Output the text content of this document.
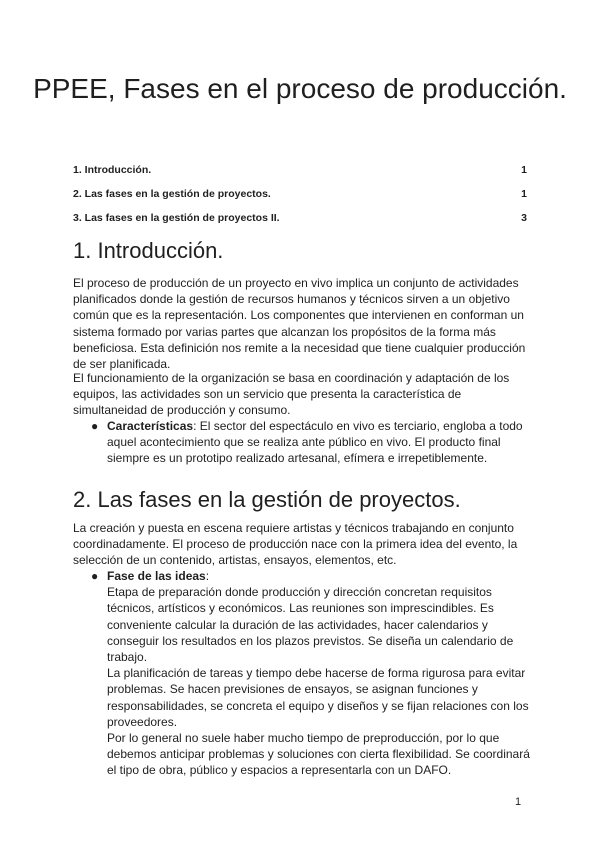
PPEE, Fases en el proceso de producción.
1. Introducción.	1
2. Las fases en la gestión de proyectos.	1
3. Las fases en la gestión de proyectos II.	3
1. Introducción.

El proceso de producción de un proyecto en vivo implica un conjunto de actividades planificados donde la gestión de recursos humanos y técnicos sirven a un objetivo común que es la representación. Los componentes que intervienen en conforman un sistema formado por varias partes que alcanzan los propósitos de la forma más beneficiosa. Esta definición nos remite a la necesidad que tiene cualquier producción de ser planificada.

El funcionamiento de la organización se basa en coordinación y adaptación de los equipos, las actividades son un servicio que presenta la característica de simultaneidad de producción y consumo.

● Características: El sector del espectáculo en vivo es terciario, engloba a todo aquel acontecimiento que se realiza ante público en vivo. El producto final siempre es un prototipo realizado artesanal, efímera e irrepetiblemente.
2. Las fases en la gestión de proyectos.

La creación y puesta en escena requiere artistas y técnicos trabajando en conjunto coordinadamente. El proceso de producción nace con la primera idea del evento, la selección de un contenido, artistas, ensayos, elementos, etc.

● Fase de las ideas:
Etapa de preparación donde producción y dirección concretan requisitos técnicos, artísticos y económicos. Las reuniones son imprescindibles. Es conveniente calcular la duración de las actividades, hacer calendarios y conseguir los resultados en los plazos previstos. Se diseña un calendario de trabajo.
La planificación de tareas y tiempo debe hacerse de forma rigurosa para evitar problemas. Se hacen previsiones de ensayos, se asignan funciones y responsabilidades, se concreta el equipo y diseños y se fijan relaciones con los proveedores.
Por lo general no suele haber mucho tiempo de preproducción, por lo que debemos anticipar problemas y soluciones con cierta flexibilidad. Se coordinará el tipo de obra, público y espacios a representarla con un DAFO.
1
